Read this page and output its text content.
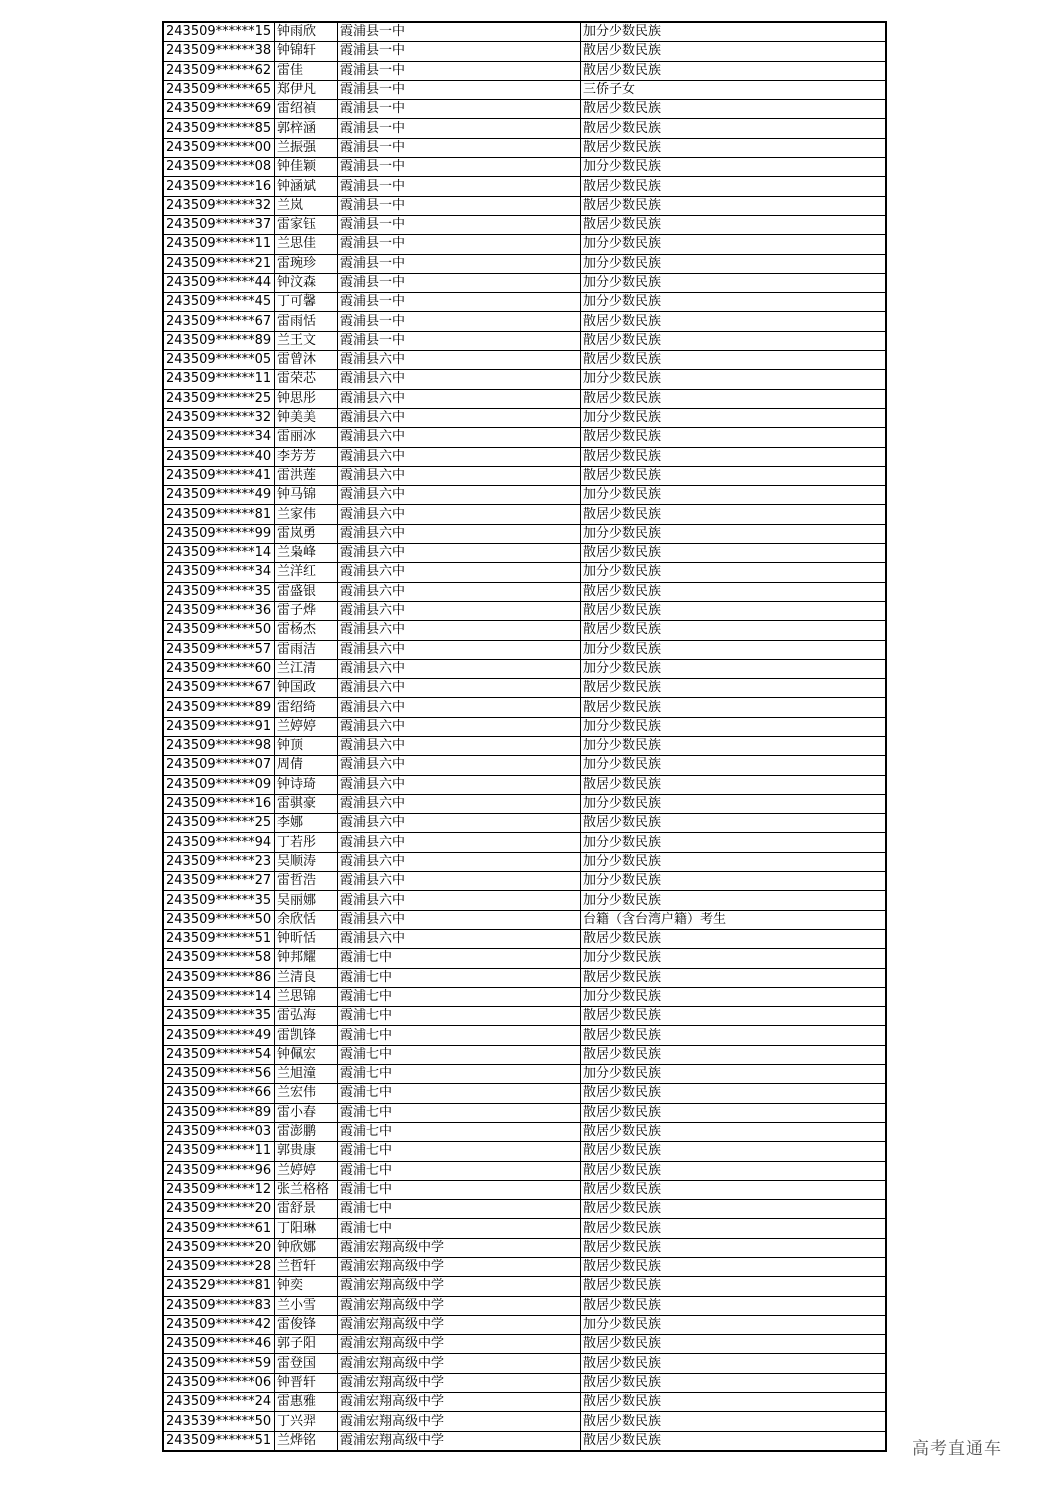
243509******15	钟雨欣	霞浦县一中	加分少数民族
243509******38	钟锦轩	霞浦县一中	散居少数民族
243509******62	雷佳	霞浦县一中	散居少数民族
243509******65	郑伊凡	霞浦县一中	三侨子女
243509******69	雷绍禎	霞浦县一中	散居少数民族
243509******85	郭梓涵	霞浦县一中	散居少数民族
243509******00	兰振强	霞浦县一中	散居少数民族
243509******08	钟佳颖	霞浦县一中	加分少数民族
243509******16	钟涵斌	霞浦县一中	散居少数民族
243509******32	兰岚	霞浦县一中	散居少数民族
243509******37	雷家钰	霞浦县一中	散居少数民族
243509******11	兰思佳	霞浦县一中	加分少数民族
243509******21	雷琬珍	霞浦县一中	加分少数民族
243509******44	钟汶森	霞浦县一中	加分少数民族
243509******45	丁可馨	霞浦县一中	加分少数民族
243509******67	雷雨恬	霞浦县一中	散居少数民族
243509******89	兰王文	霞浦县一中	散居少数民族
243509******05	雷曾沐	霞浦县六中	散居少数民族
243509******11	雷荣芯	霞浦县六中	加分少数民族
243509******25	钟思彤	霞浦县六中	散居少数民族
243509******32	钟美美	霞浦县六中	加分少数民族
243509******34	雷丽冰	霞浦县六中	散居少数民族
243509******40	李芳芳	霞浦县六中	散居少数民族
243509******41	雷洪莲	霞浦县六中	散居少数民族
243509******49	钟马锦	霞浦县六中	加分少数民族
243509******81	兰家伟	霞浦县六中	散居少数民族
243509******99	雷岚勇	霞浦县六中	加分少数民族
243509******14	兰枭峰	霞浦县六中	散居少数民族
243509******34	兰洋红	霞浦县六中	加分少数民族
243509******35	雷盛银	霞浦县六中	散居少数民族
243509******36	雷子烨	霞浦县六中	散居少数民族
243509******50	雷杨杰	霞浦县六中	散居少数民族
243509******57	雷雨洁	霞浦县六中	加分少数民族
243509******60	兰江清	霞浦县六中	加分少数民族
243509******67	钟国政	霞浦县六中	散居少数民族
243509******89	雷绍绮	霞浦县六中	散居少数民族
243509******91	兰婷婷	霞浦县六中	加分少数民族
243509******98	钟顶	霞浦县六中	加分少数民族
243509******07	周倩	霞浦县六中	加分少数民族
243509******09	钟诗琦	霞浦县六中	散居少数民族
243509******16	雷骐豪	霞浦县六中	加分少数民族
243509******25	李娜	霞浦县六中	散居少数民族
243509******94	丁若彤	霞浦县六中	加分少数民族
243509******23	吴顺涛	霞浦县六中	加分少数民族
243509******27	雷哲浩	霞浦县六中	加分少数民族
243509******35	吴丽娜	霞浦县六中	加分少数民族
243509******50	余欣恬	霞浦县六中	台籍（含台湾户籍）考生
243509******51	钟昕恬	霞浦县六中	散居少数民族
243509******58	钟邦耀	霞浦七中	加分少数民族
243509******86	兰清良	霞浦七中	散居少数民族
243509******14	兰思锦	霞浦七中	加分少数民族
243509******35	雷弘海	霞浦七中	散居少数民族
243509******49	雷凯锋	霞浦七中	散居少数民族
243509******54	钟佩宏	霞浦七中	散居少数民族
243509******56	兰旭潼	霞浦七中	加分少数民族
243509******66	兰宏伟	霞浦七中	散居少数民族
243509******89	雷小春	霞浦七中	散居少数民族
243509******03	雷澎鹏	霞浦七中	散居少数民族
243509******11	郭贵康	霞浦七中	散居少数民族
243509******96	兰婷婷	霞浦七中	散居少数民族
243509******12	张兰格格	霞浦七中	散居少数民族
243509******20	雷舒景	霞浦七中	散居少数民族
243509******61	丁阳琳	霞浦七中	散居少数民族
243509******20	钟欣娜	霞浦宏翔高级中学	散居少数民族
243509******28	兰哲轩	霞浦宏翔高级中学	散居少数民族
243529******81	钟奕	霞浦宏翔高级中学	散居少数民族
243509******83	兰小雪	霞浦宏翔高级中学	散居少数民族
243509******42	雷俊锋	霞浦宏翔高级中学	加分少数民族
243509******46	郭子阳	霞浦宏翔高级中学	散居少数民族
243509******59	雷登国	霞浦宏翔高级中学	散居少数民族
243509******06	钟晋轩	霞浦宏翔高级中学	散居少数民族
243509******24	雷惠雅	霞浦宏翔高级中学	散居少数民族
243539******50	丁兴羿	霞浦宏翔高级中学	散居少数民族
243509******51	兰烨铭	霞浦宏翔高级中学	散居少数民族	高考直通车
